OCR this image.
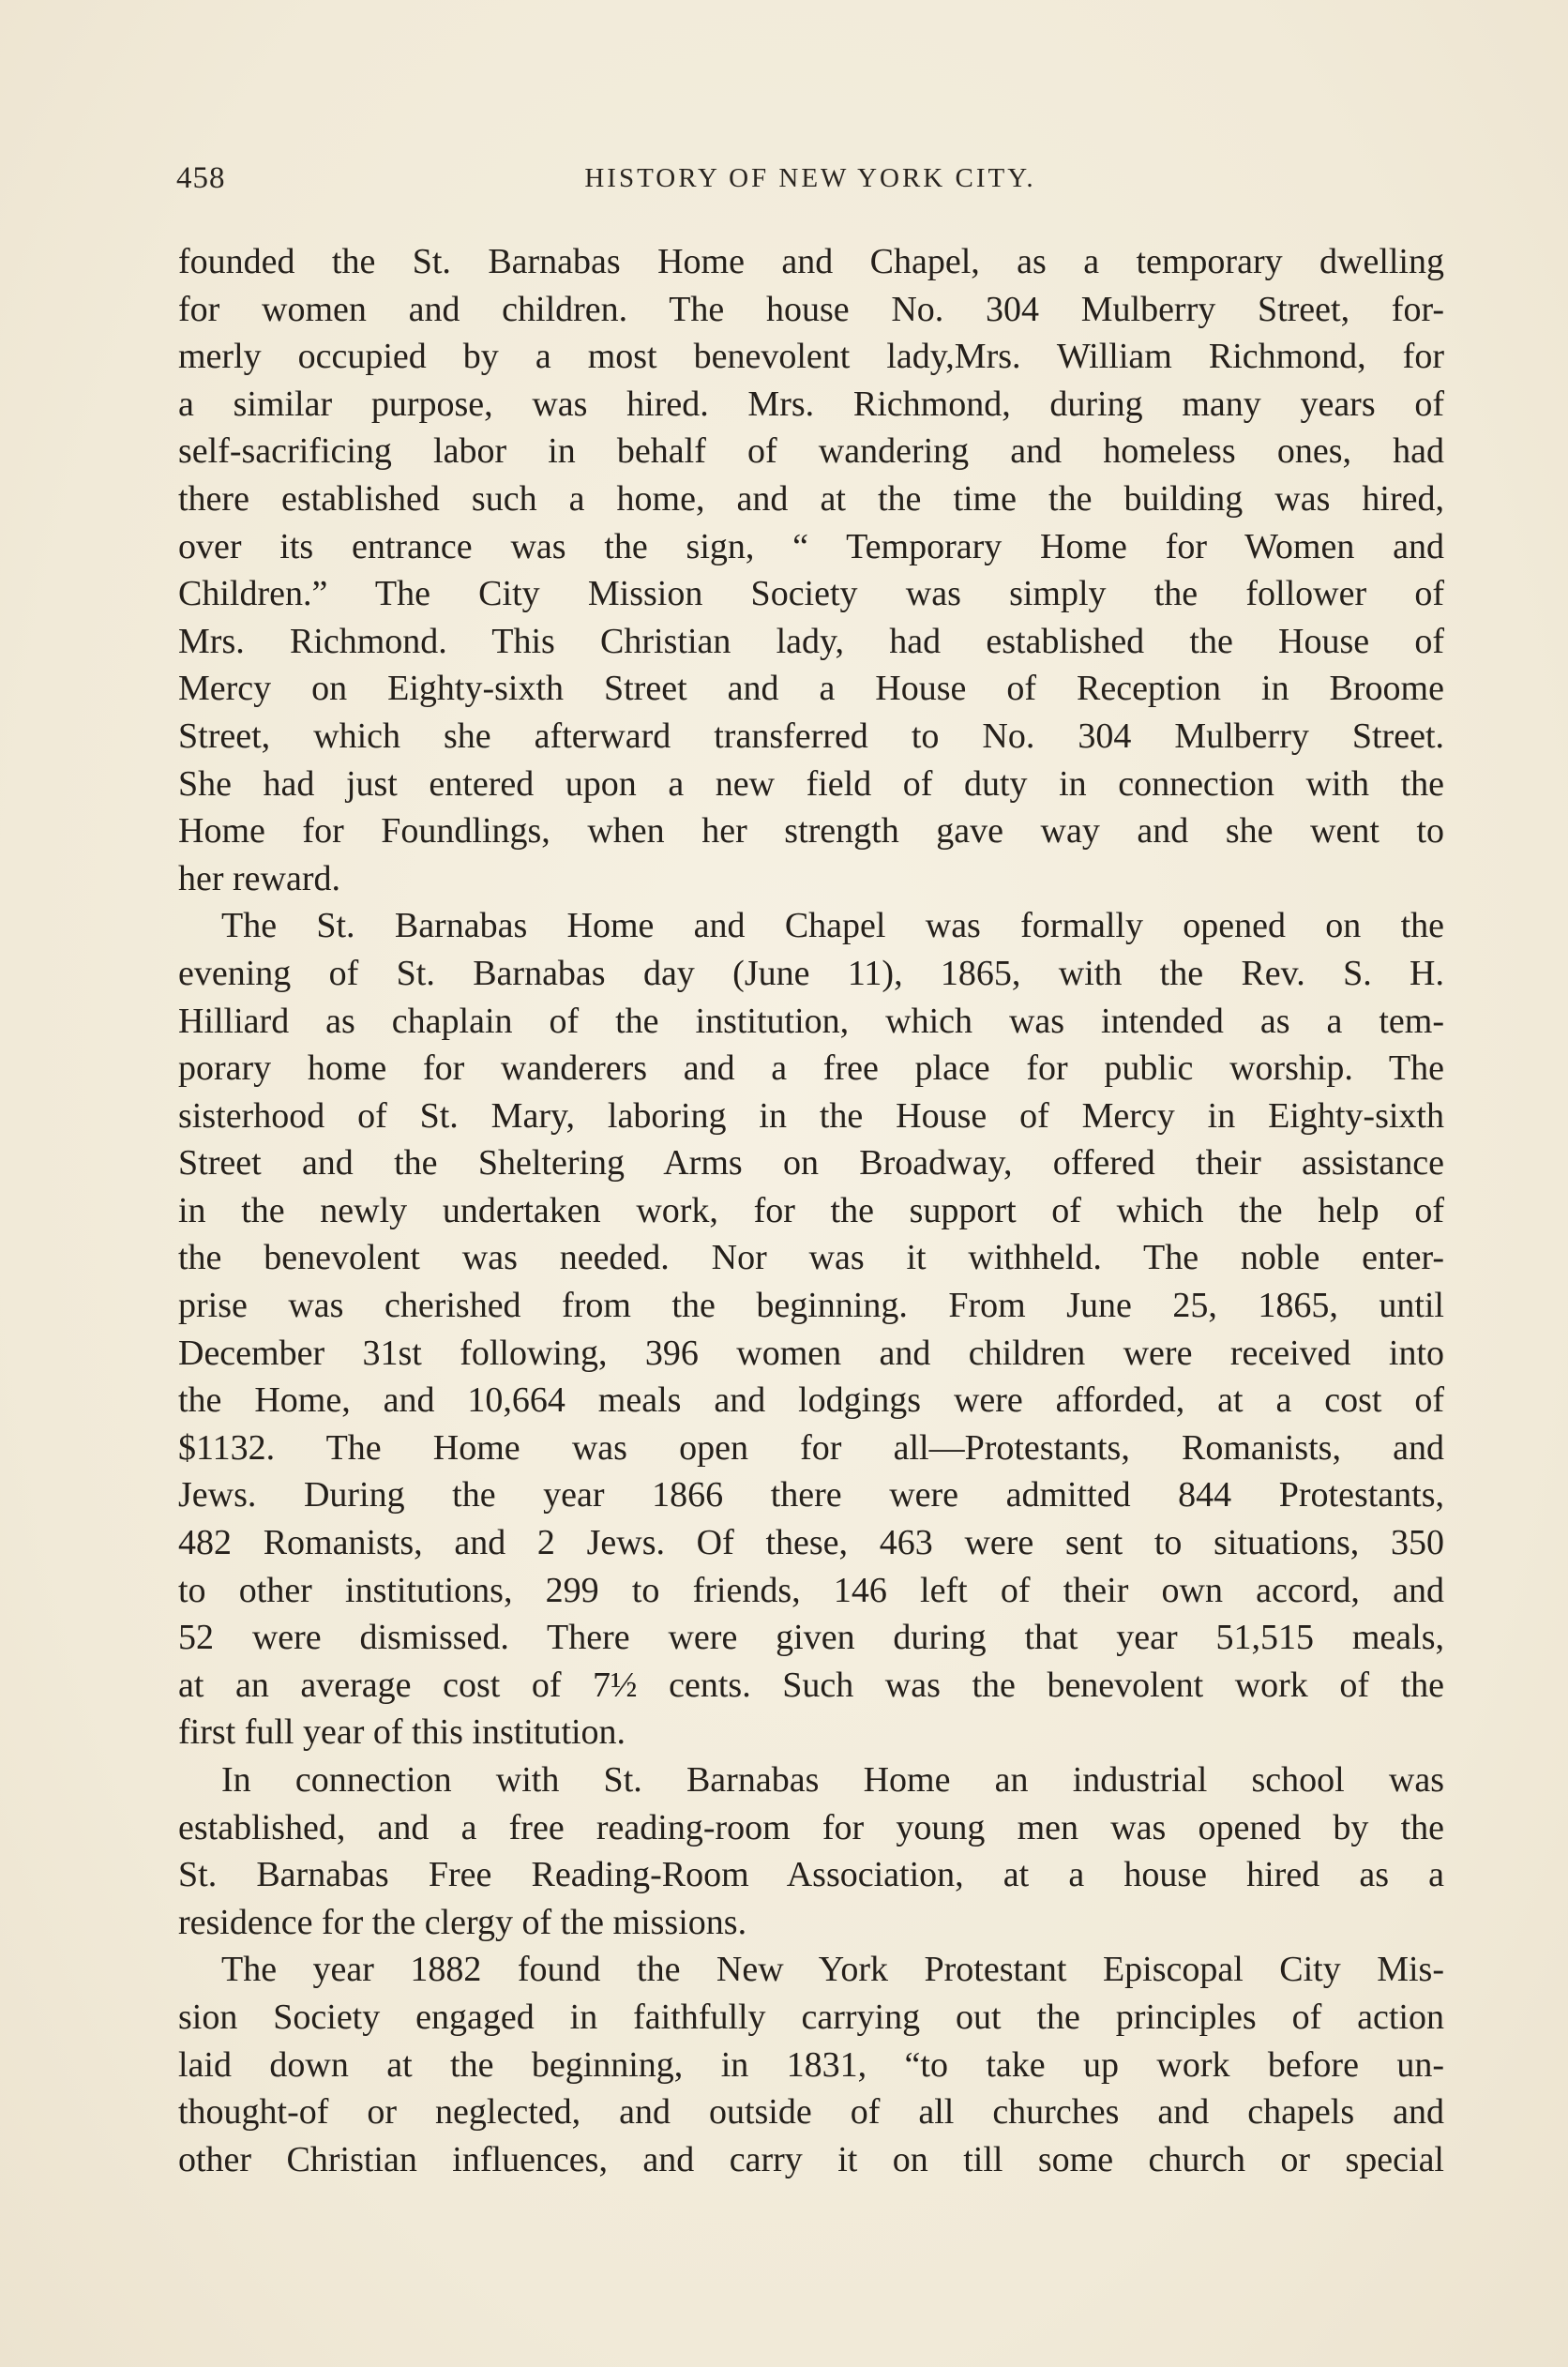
458	HISTORY OF NEW YORK CITY.
founded the St. Barnabas Home and Chapel, as a temporary dwelling
for women and children. The house No. 304 Mulberry Street, for-
merly occupied by a most benevolent lady,Mrs. William Richmond, for
a similar purpose, was hired. Mrs. Richmond, during many years of
self-sacrificing labor in behalf of wandering and homeless ones, had
there established such a home, and at the time the building was hired,
over its entrance was the sign, “ Temporary Home for Women and
Children.” The City Mission Society was simply the follower of
Mrs. Richmond. This Christian lady, had established the House of
Mercy on Eighty-sixth Street and a House of Reception in Broome
Street, which she afterward transferred to No. 304 Mulberry Street.
She had just entered upon a new field of duty in connection with the
Home for Foundlings, when her strength gave way and she went to
her reward.
The St. Barnabas Home and Chapel was formally opened on the
evening of St. Barnabas day (June 11), 1865, with the Rev. S. H.
Hilliard as chaplain of the institution, which was intended as a tem-
porary home for wanderers and a free place for public worship. The
sisterhood of St. Mary, laboring in the House of Mercy in Eighty-sixth
Street and the Sheltering Arms on Broadway, offered their assistance
in the newly undertaken work, for the support of which the help of
the benevolent was needed. Nor was it withheld. The noble enter-
prise was cherished from the beginning. From June 25, 1865, until
December 31st following, 396 women and children were received into
the Home, and 10,664 meals and lodgings were afforded, at a cost of
$1132. The Home was open for all—Protestants, Romanists, and
Jews. During the year 1866 there were admitted 844 Protestants,
482 Romanists, and 2 Jews. Of these, 463 were sent to situations, 350
to other institutions, 299 to friends, 146 left of their own accord, and
52 were dismissed. There were given during that year 51,515 meals,
at an average cost of 7½ cents. Such was the benevolent work of the
first full year of this institution.
In connection with St. Barnabas Home an industrial school was
established, and a free reading-room for young men was opened by the
St. Barnabas Free Reading-Room Association, at a house hired as a
residence for the clergy of the missions.
The year 1882 found the New York Protestant Episcopal City Mis-
sion Society engaged in faithfully carrying out the principles of action
laid down at the beginning, in 1831, “to take up work before un-
thought-of or neglected, and outside of all churches and chapels and
other Christian influences, and carry it on till some church or special
